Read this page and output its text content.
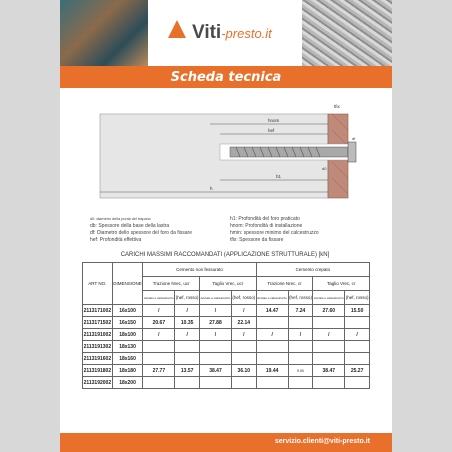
Viti-presto.it
Scheda tecnica
hnom
hef
h1
h
tfix
df
d0
d0: diametro della punta del trapano
db: Spessore della base della lastra
df: Diametro dello spessore del foro da fissare
hef: Profondità effettiva
h1: Profondità del foro praticato
hnom: Profondità di installazione
hmin: spessore minimo del calcestruzzo
tfix: Spessore da fissare
CARICHI MASSIMI RACCOMANDATI (APPLICAZIONE STRUTTURALE) [kN]
ART NO.	DIMENSIONE	Cemento non fessurato				Cemento crepato			
		Trazione Nrec, ucr		Taglio Vrec, ucr		Trazione Nrec, cr		Taglio Vrec, cr	
		Acciaio e calcestruzzo	(hef, rosso)	Acciaio e calcestruzzo	(hef, rosso)	Acciaio e calcestruzzo	(hef, rosso)	Acciaio e calcestruzzo	(hef, rosso)
2113171002	16x100	/	/	/	/	14.47	7.24	27.60	15.50
2113171502	16x150	20.67	10.35	27.88	22.14				
2113191002	18x100	/	/	/	/	/	/	/	/
2113191302	18x130								
2113191602	18x160								
2113191802	18x180	27.77	13.57	38.47	36.10	19.44	9.00	38.47	25.27
2113192002	18x200								
servizio.clienti@viti-presto.it
